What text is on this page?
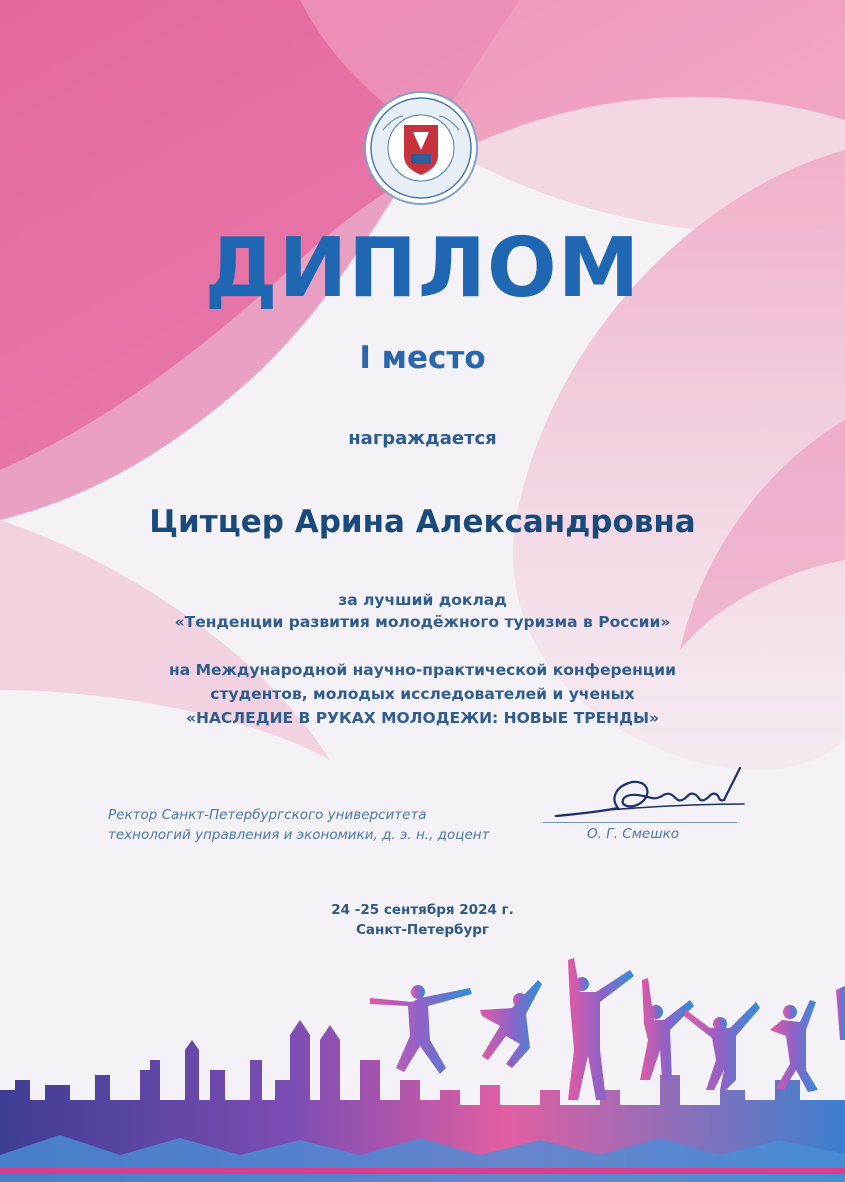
ДИПЛОМ
I место
награждается
Цитцер Арина Александровна
за лучший доклад
«Тенденции развития молодёжного туризма в России»
на Международной научно-практической конференции
студентов, молодых исследователей и ученых
«НАСЛЕДИЕ В РУКАХ МОЛОДЕЖИ: НОВЫЕ ТРЕНДЫ»
Ректор Санкт-Петербургского университета
технологий управления и экономики, д. э. н., доцент	О. Г. Смешко
24 -25 сентября 2024 г.
Санкт-Петербург
